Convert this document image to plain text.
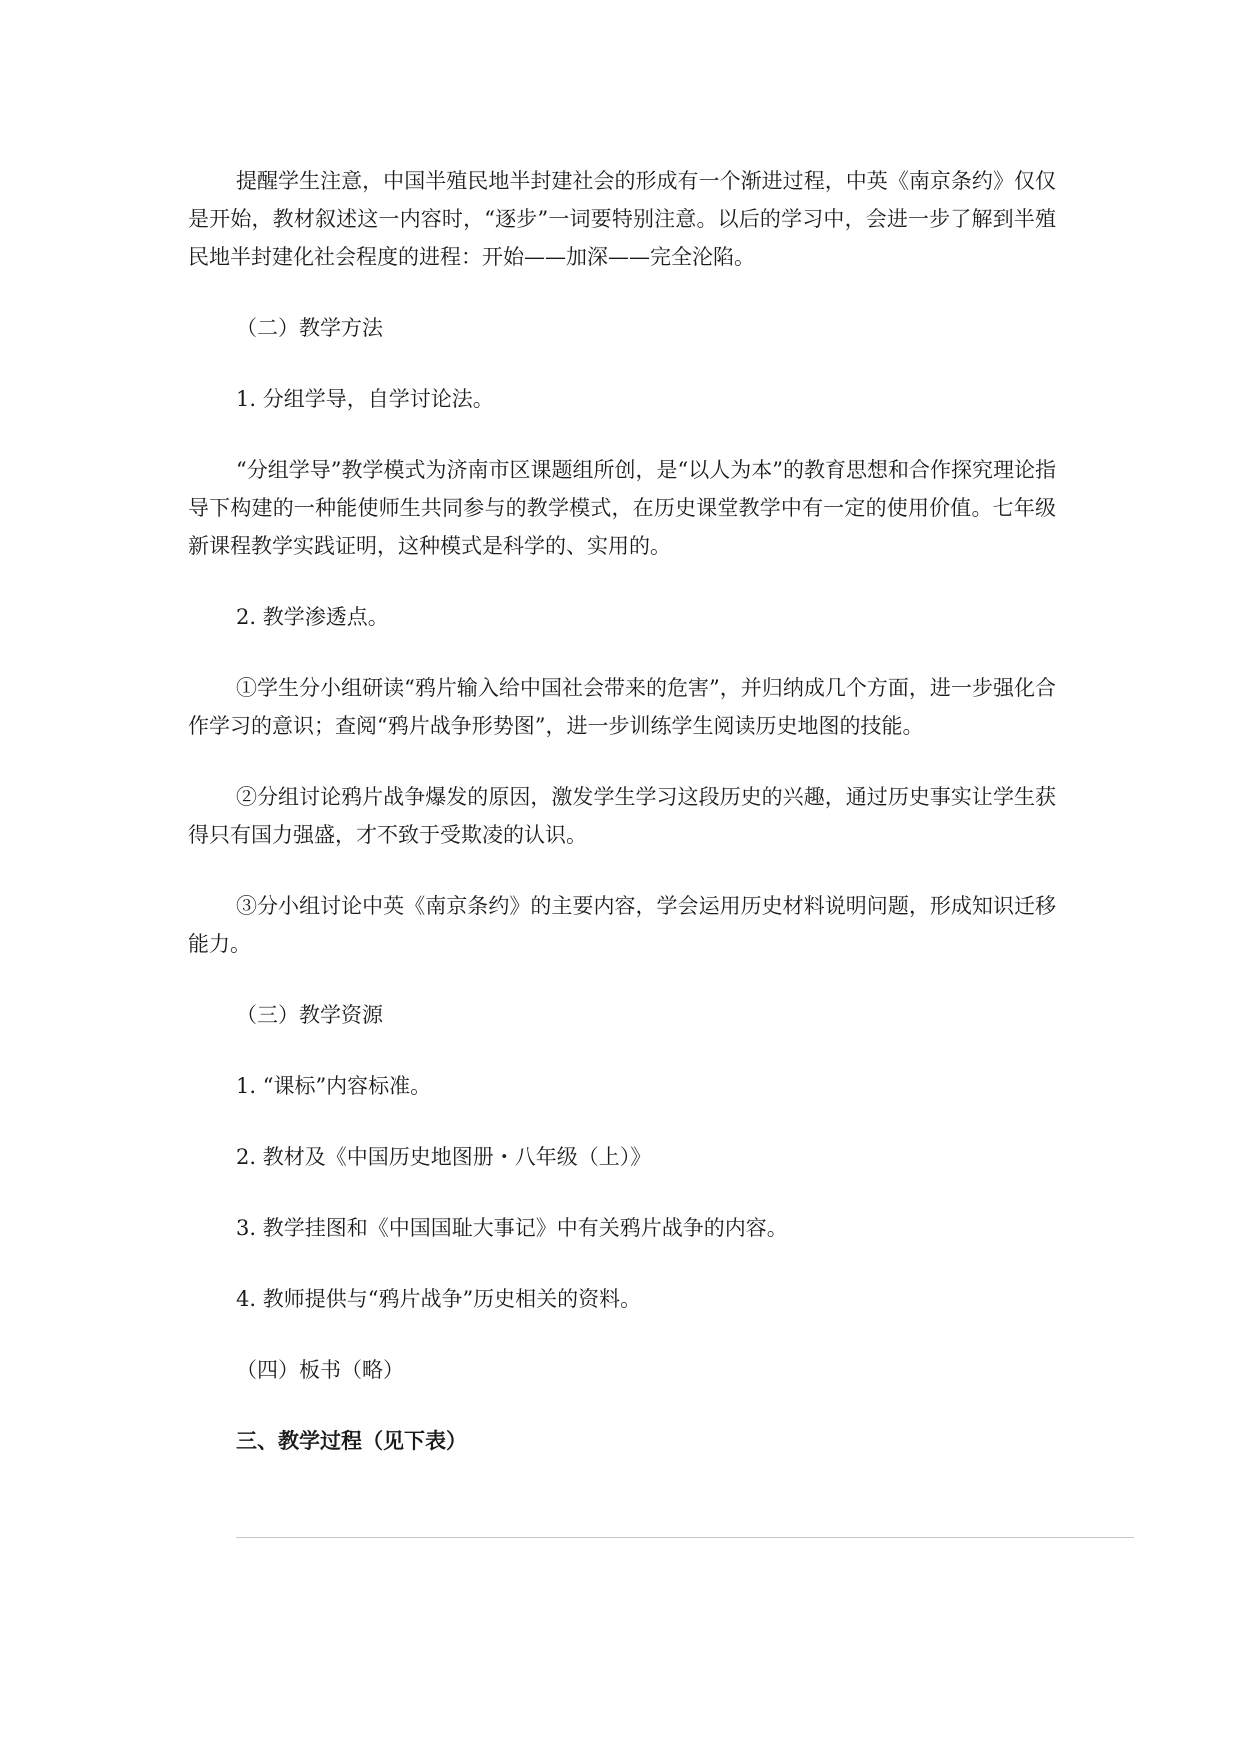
提醒学生注意，中国半殖民地半封建社会的形成有一个渐进过程，中英《南京条约》仅仅是开始，教材叙述这一内容时，“逐步”一词要特别注意。以后的学习中，会进一步了解到半殖民地半封建化社会程度的进程：开始——加深——完全沦陷。

（二）教学方法

1. 分组学导，自学讨论法。

“分组学导”教学模式为济南市区课题组所创，是“以人为本”的教育思想和合作探究理论指导下构建的一种能使师生共同参与的教学模式，在历史课堂教学中有一定的使用价值。七年级新课程教学实践证明，这种模式是科学的、实用的。

2. 教学渗透点。

①学生分小组研读“鸦片输入给中国社会带来的危害”，并归纳成几个方面，进一步强化合作学习的意识；查阅“鸦片战争形势图”，进一步训练学生阅读历史地图的技能。

②分组讨论鸦片战争爆发的原因，激发学生学习这段历史的兴趣，通过历史事实让学生获得只有国力强盛，才不致于受欺凌的认识。

③分小组讨论中英《南京条约》的主要内容，学会运用历史材料说明问题，形成知识迁移能力。

（三）教学资源

1. “课标”内容标准。

2. 教材及《中国历史地图册・八年级（上）》

3. 教学挂图和《中国国耻大事记》中有关鸦片战争的内容。

4. 教师提供与“鸦片战争”历史相关的资料。

（四）板书（略）

三、教学过程（见下表）
